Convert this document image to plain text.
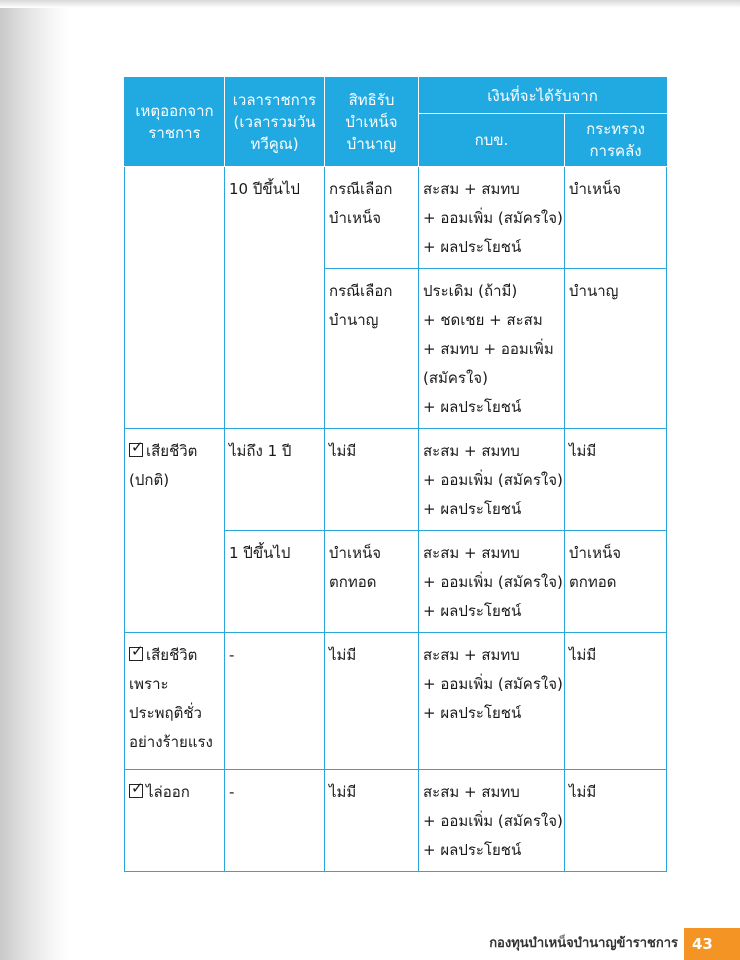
เหตุออกจาก
ราชการ	เวลาราชการ
(เวลารวมวัน
ทวีคูณ)	สิทธิรับ
บำเหน็จ
บำนาญ	เงินที่จะได้รับจาก	
			กบข.	กระทรวง
การคลัง

	10 ปีขึ้นไป	กรณีเลือก
บำเหน็จ	สะสม + สมทบ
+ ออมเพิ่ม (สมัครใจ)
+ ผลประโยชน์	บำเหน็จ

		กรณีเลือก
บำนาญ	ประเดิม (ถ้ามี)
+ ชดเชย + สะสม
+ สมทบ + ออมเพิ่ม
(สมัครใจ)
+ ผลประโยชน์	บำนาญ

✓เสียชีวิต
(ปกติ)	ไม่ถึง 1 ปี	ไม่มี	สะสม + สมทบ
+ ออมเพิ่ม (สมัครใจ)
+ ผลประโยชน์	ไม่มี
	1 ปีขึ้นไป	บำเหน็จ
ตกทอด	สะสม + สมทบ
+ ออมเพิ่ม (สมัครใจ)
+ ผลประโยชน์	บำเหน็จ
ตกทอด

✓เสียชีวิต
เพราะ
ประพฤติชั่ว
อย่างร้ายแรง	-	ไม่มี	สะสม + สมทบ
+ ออมเพิ่ม (สมัครใจ)
+ ผลประโยชน์	ไม่มี

✓ไล่ออก	-	ไม่มี	สะสม + สมทบ
+ ออมเพิ่ม (สมัครใจ)
+ ผลประโยชน์	ไม่มี
กองทุนบำเหน็จบำนาญข้าราชการ 43
